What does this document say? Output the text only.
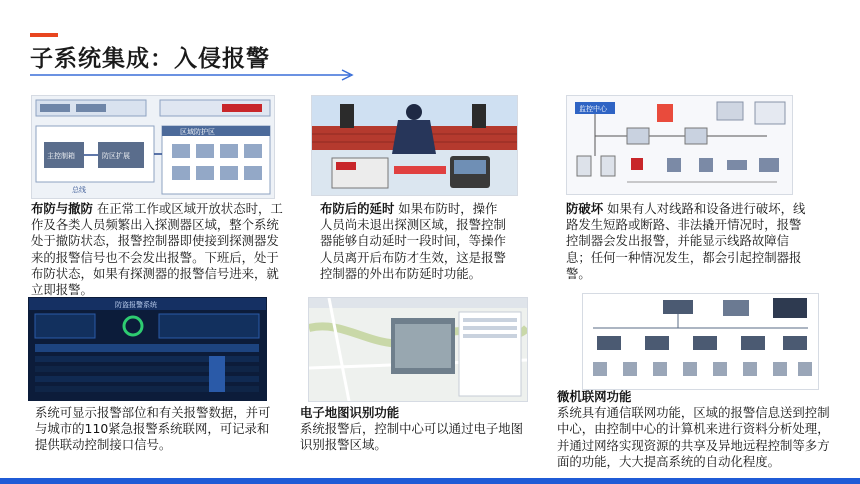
子系统集成：入侵报警
主控制箱	防区扩展
区域防护区
总线
监控中心
布防与撤防 在正常工作或区域开放状态时，工作及各类人员频繁出入探测器区域，整个系统处于撤防状态，报警控制器即使接到探测器发来的报警信号也不会发出报警。下班后，处于布防状态，如果有探测器的报警信号进来，就立即报警。
布防后的延时 如果布防时，操作人员尚未退出探测区域，报警控制器能够自动延时一段时间，等操作人员离开后布防才生效，这是报警控制器的外出布防延时功能。
防破坏 如果有人对线路和设备进行破坏，线路发生短路或断路、非法撬开情况时，报警控制器会发出报警，并能显示线路故障信息；任何一种情况发生，都会引起控制器报警。
防盗报警系统
系统可显示报警部位和有关报警数据，并可与城市的110紧急报警系统联网，可记录和提供联动控制接口信号。
电子地图识别功能
系统报警后，控制中心可以通过电子地图识别报警区域。
微机联网功能
系统具有通信联网功能，区域的报警信息送到控制中心，由控制中心的计算机来进行资料分析处理，并通过网络实现资源的共享及异地远程控制等多方面的功能，大大提高系统的自动化程度。
